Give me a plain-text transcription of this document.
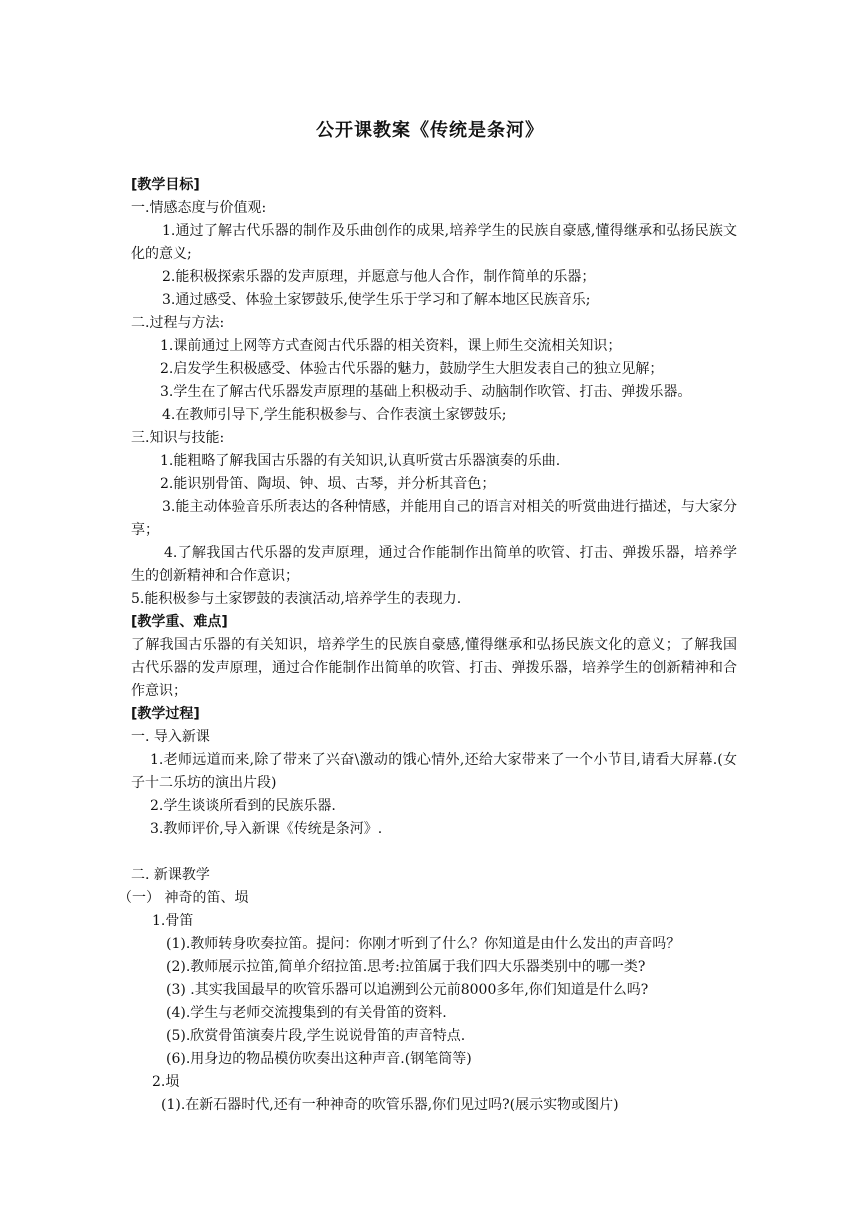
公开课教案《传统是条河》
[教学目标]
一.情感态度与价值观:
1.通过了解古代乐器的制作及乐曲创作的成果,培养学生的民族自豪感,懂得继承和弘扬民族文化的意义;
2.能积极探索乐器的发声原理，并愿意与他人合作，制作简单的乐器；
3.通过感受、体验土家锣鼓乐,使学生乐于学习和了解本地区民族音乐;
二.过程与方法:
1.课前通过上网等方式查阅古代乐器的相关资料，课上师生交流相关知识；
2.启发学生积极感受、体验古代乐器的魅力，鼓励学生大胆发表自己的独立见解；
3.学生在了解古代乐器发声原理的基础上积极动手、动脑制作吹管、打击、弹拨乐器。
4.在教师引导下,学生能积极参与、合作表演土家锣鼓乐;
三.知识与技能:
1.能粗略了解我国古乐器的有关知识,认真听赏古乐器演奏的乐曲.
2.能识别骨笛、陶埙、钟、埙、古琴，并分析其音色；
3.能主动体验音乐所表达的各种情感，并能用自己的语言对相关的听赏曲进行描述，与大家分享；
4.了解我国古代乐器的发声原理，通过合作能制作出简单的吹管、打击、弹拨乐器，培养学生的创新精神和合作意识；
5.能积极参与土家锣鼓的表演活动,培养学生的表现力.
[教学重、难点]
了解我国古乐器的有关知识，培养学生的民族自豪感,懂得继承和弘扬民族文化的意义；了解我国古代乐器的发声原理，通过合作能制作出简单的吹管、打击、弹拨乐器，培养学生的创新精神和合作意识；
[教学过程]
一. 导入新课
1.老师远道而来,除了带来了兴奋\激动的饿心情外,还给大家带来了一个小节目,请看大屏幕.(女子十二乐坊的演出片段)
2.学生谈谈所看到的民族乐器.
3.教师评价,导入新课《传统是条河》.
二. 新课教学
（一） 神奇的笛、埙
1.骨笛
(1).教师转身吹奏拉笛。提问：你刚才听到了什么？你知道是由什么发出的声音吗？
(2).教师展示拉笛,简单介绍拉笛.思考:拉笛属于我们四大乐器类别中的哪一类?
(3) .其实我国最早的吹管乐器可以追溯到公元前8000多年,你们知道是什么吗?
(4).学生与老师交流搜集到的有关骨笛的资料.
(5).欣赏骨笛演奏片段,学生说说骨笛的声音特点.
(6).用身边的物品模仿吹奏出这种声音.(钢笔筒等)
2.埙
(1).在新石器时代,还有一种神奇的吹管乐器,你们见过吗?(展示实物或图片)
